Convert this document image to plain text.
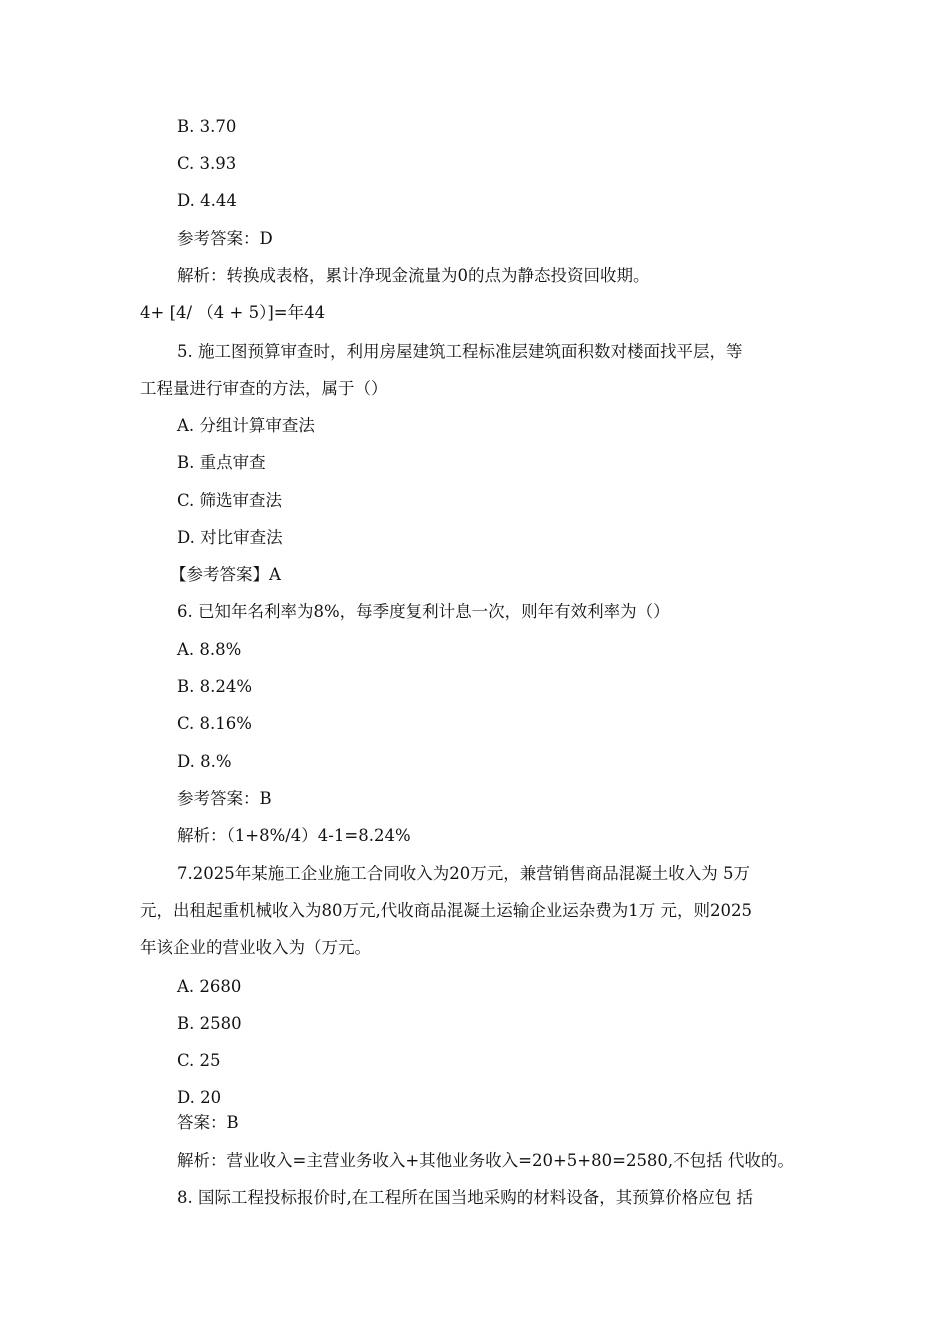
B. 3.70
C. 3.93
D. 4.44
参考答案：D
解析：转换成表格，累计净现金流量为0的点为静态投资回收期。
4+ [4/ （4 + 5）]=年44
5. 施工图预算审查时，利用房屋建筑工程标准层建筑面积数对楼面找平层，等
工程量进行审查的方法，属于（）
A. 分组计算审查法
B. 重点审查
C. 筛选审查法
D. 对比审查法
【参考答案】A
6. 已知年名利率为8%，每季度复利计息一次，则年有效利率为（）
A. 8.8%
B. 8.24%
C. 8.16%
D. 8.%
参考答案：B
解析：（1+8%/4）4-1=8.24%
7.2025年某施工企业施工合同收入为20万元，兼营销售商品混凝土收入为 5万
元，出租起重机械收入为80万元,代收商品混凝土运输企业运杂费为1万 元，则2025
年该企业的营业收入为（万元。
A. 2680
B. 2580
C. 25
D. 20
答案：B
解析：营业收入=主营业务收入+其他业务收入=20+5+80=2580,不包括 代收的。
8. 国际工程投标报价时,在工程所在国当地采购的材料设备，其预算价格应包 括
